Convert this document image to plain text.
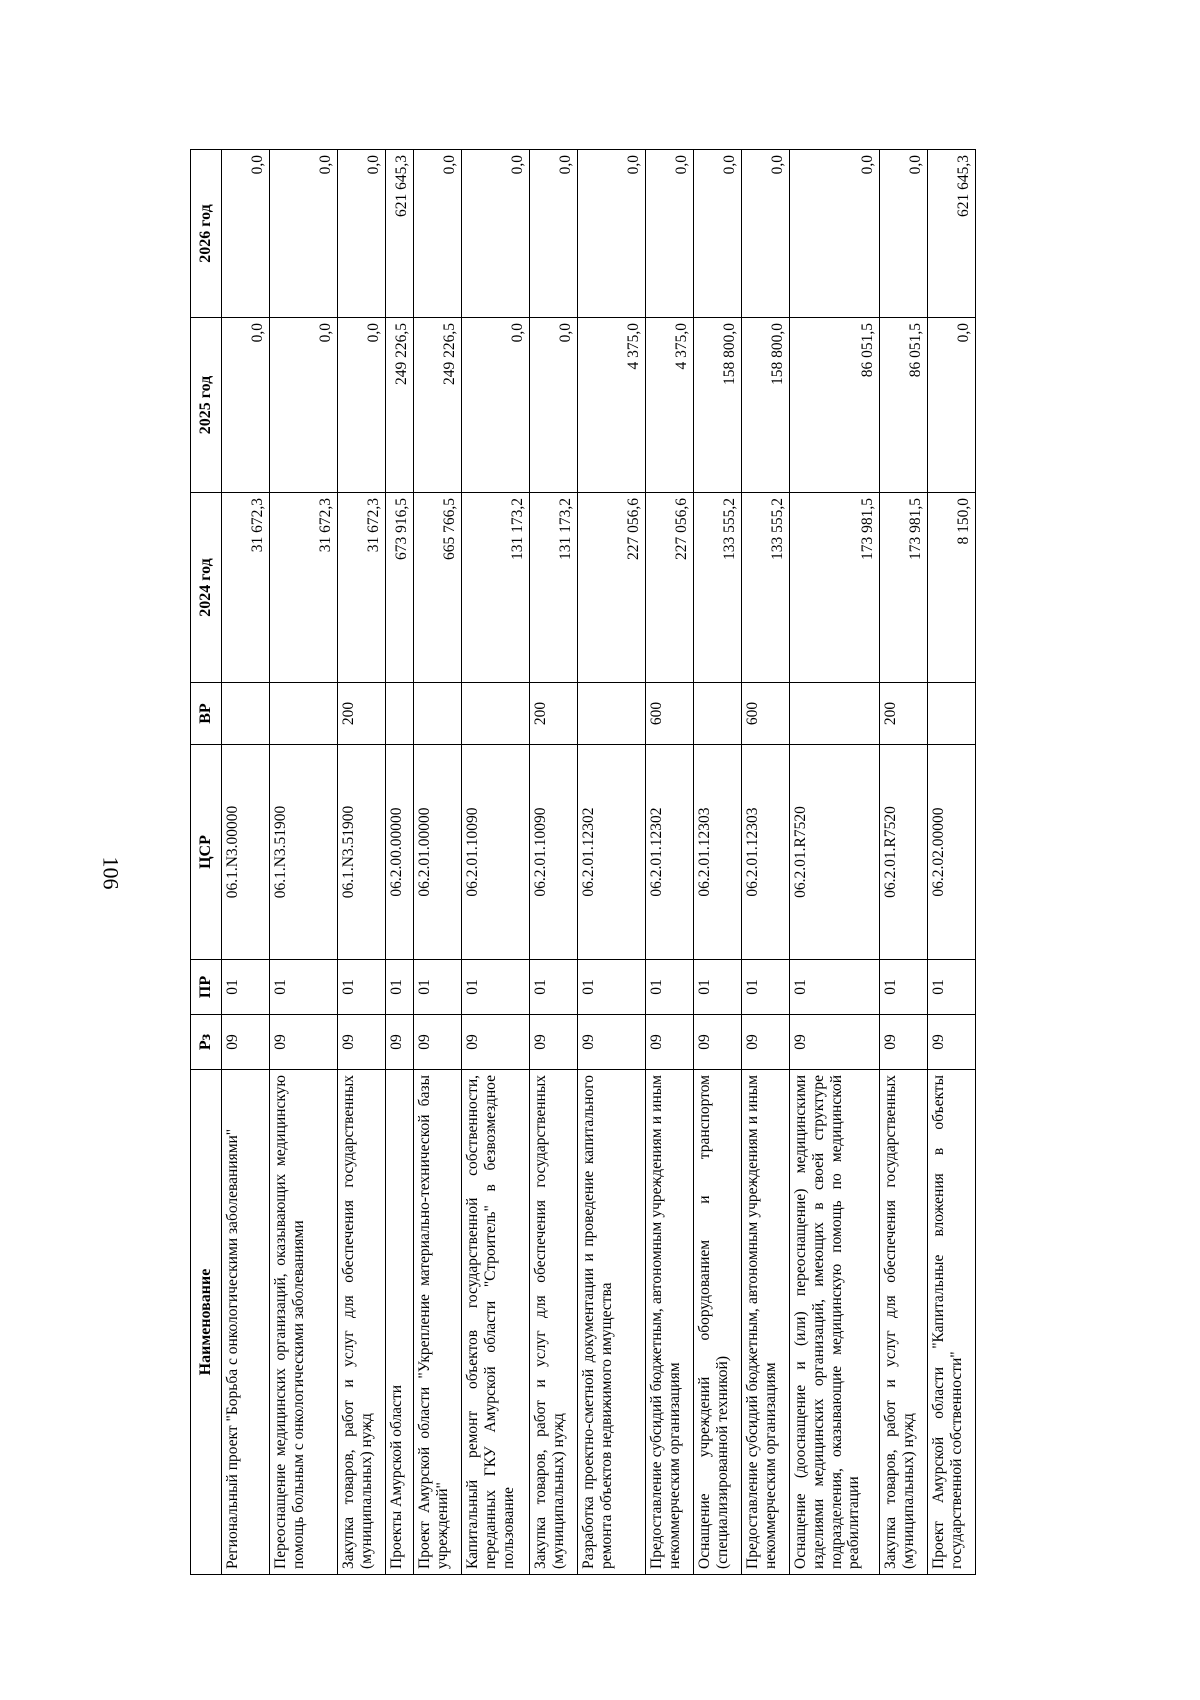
106
Наименование	Рз	ПР	ЦСР	ВР	2024 год	2025 год	2026 год
Региональный проект "Борьба с онкологическими заболеваниями"	09	01	06.1.N3.00000		31 672,3	0,0	0,0
Переоснащение медицинских организаций, оказывающих медицинскую помощь больным с онкологическими заболеваниями	09	01	06.1.N3.51900		31 672,3	0,0	0,0
Закупка товаров, работ и услуг для обеспечения государственных (муниципальных) нужд	09	01	06.1.N3.51900	200	31 672,3	0,0	0,0
Проекты Амурской области	09	01	06.2.00.00000		673 916,5	249 226,5	621 645,3
Проект Амурской области "Укрепление материально-технической базы учреждений"	09	01	06.2.01.00000		665 766,5	249 226,5	0,0
Капитальный ремонт объектов государственной собственности, переданных ГКУ Амурской области "Строитель" в безвозмездное пользование	09	01	06.2.01.10090		131 173,2	0,0	0,0
Закупка товаров, работ и услуг для обеспечения государственных (муниципальных) нужд	09	01	06.2.01.10090	200	131 173,2	0,0	0,0
Разработка проектно-сметной документации и проведение капитального ремонта объектов недвижимого имущества	09	01	06.2.01.12302		227 056,6	4 375,0	0,0
Предоставление субсидий бюджетным, автономным учреждениям и иным некоммерческим организациям	09	01	06.2.01.12302	600	227 056,6	4 375,0	0,0
Оснащение учреждений оборудованием и транспортом (специализированной техникой)	09	01	06.2.01.12303		133 555,2	158 800,0	0,0
Предоставление субсидий бюджетным, автономным учреждениям и иным некоммерческим организациям	09	01	06.2.01.12303	600	133 555,2	158 800,0	0,0
Оснащение (дооснащение и (или) переоснащение) медицинскими изделиями медицинских организаций, имеющих в своей структуре подразделения, оказывающие медицинскую помощь по медицинской реабилитации	09	01	06.2.01.R7520		173 981,5	86 051,5	0,0
Закупка товаров, работ и услуг для обеспечения государственных (муниципальных) нужд	09	01	06.2.01.R7520	200	173 981,5	86 051,5	0,0
Проект Амурской области "Капитальные вложения в объекты государственной собственности"	09	01	06.2.02.00000		8 150,0	0,0	621 645,3
